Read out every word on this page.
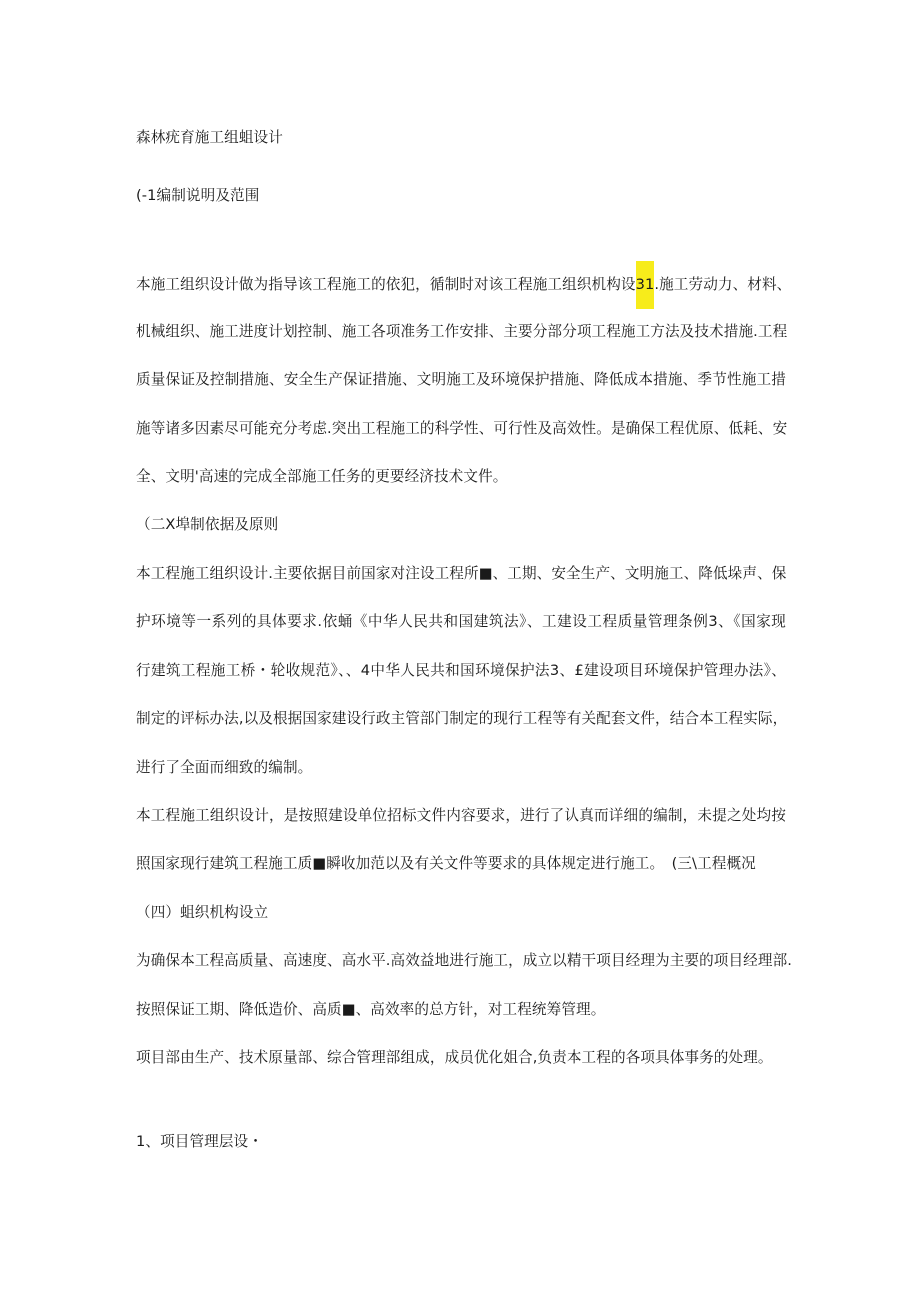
森林疣育施工组蛆设计
(-1编制说明及范围
本施工组织设计做为指导该工程施工的依犯，循制时对该工程施工组织机构设31.施工劳动力、材料、
机械组织、施工进度计划控制、施工各项准务工作安排、主要分部分项工程施工方法及技术措施.工程
质量保证及控制措施、安全生产保证措施、文明施工及环境保护措施、降低成本措施、季节性施工措
施等诸多因素尽可能充分考虑.突出工程施工的科学性、可行性及高效性。是确保工程优原、低耗、安
全、文明'高速的完成全部施工任务的更要经济技术文件。
（二X埠制依据及原则
本工程施工组织设计.主要依据目前国家对注设工程所■、工期、安全生产、文明施工、降低垛声、保
护环境等一系列的具体要求.依蛹《中华人民共和国建筑法》、工建设工程质量管理条例3、《国家现
行建筑工程施工桥・轮收规范》、、4中华人民共和国环境保护法3、£建设项目环境保护管理办法》、
制定的评标办法,以及根据国家建设行政主管部门制定的现行工程等有关配套文件，结合本工程实际，
进行了全面而细致的编制。
本工程施工组织设计，是按照建设单位招标文件内容要求，进行了认真而详细的编制，未提之处均按
照国家现行建筑工程施工质■瞬收加范以及有关文件等要求的具体规定进行施工。　(三\工程概况
（四）蛆织机构设立
为确保本工程高质量、高速度、高水平.高效益地进行施工，成立以精干项目经理为主要的项目经理部.
按照保证工期、降低造价、高质■、高效率的总方针，对工程统筹管理。
项目部由生产、技术原量部、综合管理部组成，成员优化姐合,负责本工程的各项具体事务的处理。
1、项目管理层设・
